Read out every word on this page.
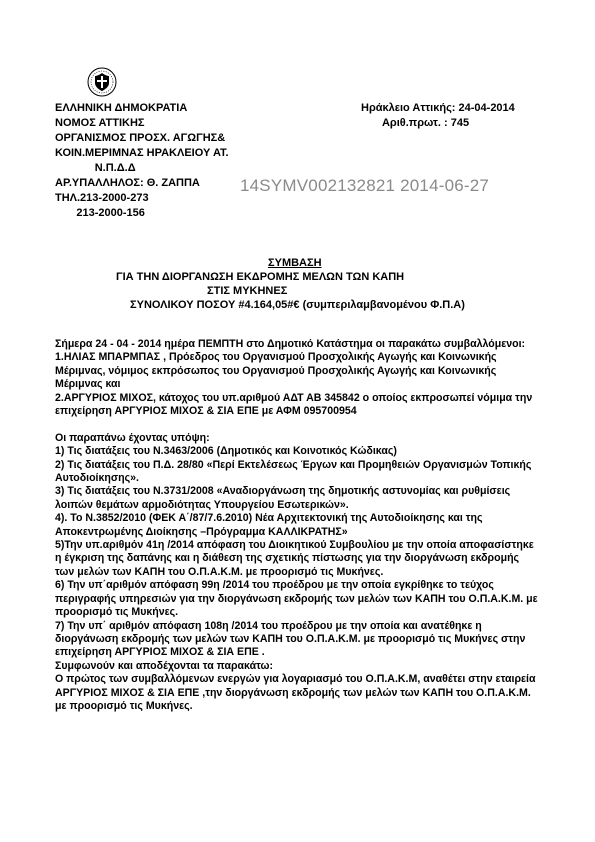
ΕΛΛΗΝΙΚΗ ΔΗΜΟΚΡΑΤΙΑ
ΝΟΜΟΣ ΑΤΤΙΚΗΣ
ΟΡΓΑΝΙΣΜΟΣ ΠΡΟΣΧ. ΑΓΩΓΗΣ&
ΚΟΙΝ.ΜΕΡΙΜΝΑΣ ΗΡΑΚΛΕΙΟΥ ΑΤ.
Ν.Π.Δ.Δ
ΑΡ.ΥΠΑΛΛΗΛΟΣ: Θ. ΖΑΠΠΑ
ΤΗΛ.213-2000-273
213-2000-156
Ηράκλειο Αττικής: 24-04-2014
Αριθ.πρωτ. : 745
14SYMV002132821 2014-06-27
ΣΥΜΒΑΣΗ
ΓΙΑ ΤΗΝ ΔΙΟΡΓΑΝΩΣΗ ΕΚΔΡΟΜΗΣ ΜΕΛΩΝ ΤΩΝ ΚΑΠΗ
ΣΤΙΣ ΜΥΚΗΝΕΣ
ΣΥΝΟΛΙΚΟΥ ΠΟΣΟΥ #4.164,05#€ (συμπεριλαμβανομένου Φ.Π.Α)

Σήμερα 24 - 04 - 2014 ημέρα ΠΕΜΠΤΗ στο Δημοτικό Κατάστημα οι παρακάτω συμβαλλόμενοι:

1.ΗΛΙΑΣ ΜΠΑΡΜΠΑΣ , Πρόεδρος του Οργανισμού Προσχολικής Αγωγής και Κοινωνικής Μέριμνας, νόμιμος εκπρόσωπος του Οργανισμού Προσχολικής Αγωγής και Κοινωνικής Μέριμνας και

2.ΑΡΓΥΡΙΟΣ ΜΙΧΟΣ, κάτοχος του υπ.αριθμού ΑΔΤ ΑΒ 345842 ο οποίος εκπροσωπεί νόμιμα την επιχείρηση ΑΡΓΥΡΙΟΣ ΜΙΧΟΣ & ΣΙΑ ΕΠΕ με ΑΦΜ 095700954

Οι παραπάνω έχοντας υπόψη:

1) Τις διατάξεις του Ν.3463/2006 (Δημοτικός και Κοινοτικός Κώδικας)

2) Τις διατάξεις του Π.Δ. 28/80 «Περί Εκτελέσεως Έργων και Προμηθειών Οργανισμών Τοπικής Αυτοδιοίκησης».

3) Τις διατάξεις του Ν.3731/2008 «Αναδιοργάνωση της δημοτικής αστυνομίας και ρυθμίσεις λοιπών θεμάτων αρμοδιότητας Υπουργείου Εσωτερικών».

4). Το Ν.3852/2010 (ΦΕΚ Α΄/87/7.6.2010) Νέα Αρχιτεκτονική της Αυτοδιοίκησης και της Αποκεντρωμένης Διοίκησης –Πρόγραμμα ΚΑΛΛΙΚΡΑΤΗΣ»

5)Την υπ.αριθμόν 41η /2014 απόφαση του Διοικητικού Συμβουλίου με την οποία αποφασίστηκε η έγκριση της δαπάνης και η διάθεση της σχετικής πίστωσης για την διοργάνωση εκδρομής των μελών των ΚΑΠΗ του Ο.Π.Α.Κ.Μ. με προορισμό τις Μυκήνες.

6) Την υπ΄αριθμόν απόφαση 99η /2014 του προέδρου με την οποία εγκρίθηκε το τεύχος περιγραφής υπηρεσιών για την διοργάνωση εκδρομής των μελών των ΚΑΠΗ του Ο.Π.Α.Κ.Μ. με προορισμό τις Μυκήνες.

7) Την υπ΄ αριθμόν απόφαση 108η /2014 του προέδρου με την οποία και ανατέθηκε η διοργάνωση εκδρομής των μελών των ΚΑΠΗ του Ο.Π.Α.Κ.Μ. με προορισμό τις Μυκήνες στην επιχείρηση ΑΡΓΥΡΙΟΣ ΜΙΧΟΣ & ΣΙΑ ΕΠΕ .

Συμφωνούν και αποδέχονται τα παρακάτω:

Ο πρώτος των συμβαλλόμενων ενεργών για λογαριασμό του Ο.Π.Α.Κ.Μ, αναθέτει στην εταιρεία ΑΡΓΥΡΙΟΣ ΜΙΧΟΣ & ΣΙΑ ΕΠΕ ,την διοργάνωση εκδρομής των μελών των ΚΑΠΗ του Ο.Π.Α.Κ.Μ. με προορισμό τις Μυκήνες.
